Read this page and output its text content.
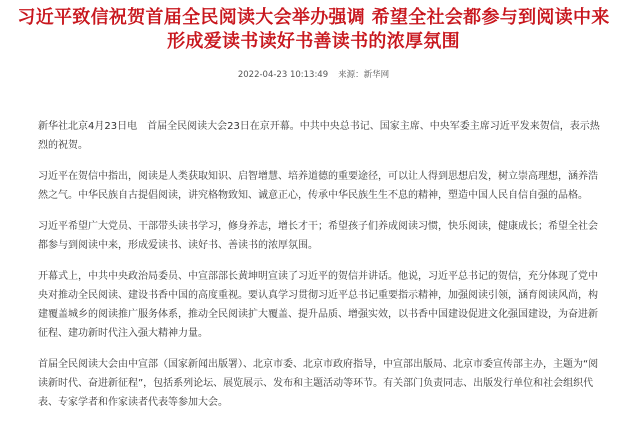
习近平致信祝贺首届全民阅读大会举办强调 希望全社会都参与到阅读中来
形成爱读书读好书善读书的浓厚氛围
2022-04-23 10:13:49 来源：新华网

新华社北京4月23日电　首届全民阅读大会23日在京开幕。中共中央总书记、国家主席、中央军委主席习近平发来贺信，表示热烈的祝贺。

习近平在贺信中指出，阅读是人类获取知识、启智增慧、培养道德的重要途径，可以让人得到思想启发，树立崇高理想，涵养浩然之气。中华民族自古提倡阅读，讲究格物致知、诚意正心，传承中华民族生生不息的精神，塑造中国人民自信自强的品格。

习近平希望广大党员、干部带头读书学习，修身养志，增长才干；希望孩子们养成阅读习惯，快乐阅读，健康成长；希望全社会都参与到阅读中来，形成爱读书、读好书、善读书的浓厚氛围。

开幕式上，中共中央政治局委员、中宣部部长黄坤明宣读了习近平的贺信并讲话。他说，习近平总书记的贺信，充分体现了党中央对推动全民阅读、建设书香中国的高度重视。要认真学习贯彻习近平总书记重要指示精神，加强阅读引领，涵育阅读风尚，构建覆盖城乡的阅读推广服务体系，推动全民阅读扩大覆盖、提升品质、增强实效，以书香中国建设促进文化强国建设，为奋进新征程、建功新时代注入强大精神力量。

首届全民阅读大会由中宣部（国家新闻出版署）、北京市委、北京市政府指导，中宣部出版局、北京市委宣传部主办，主题为“阅读新时代、奋进新征程”，包括系列论坛、展览展示、发布和主题活动等环节。有关部门负责同志、出版发行单位和社会组织代表、专家学者和作家读者代表等参加大会。
